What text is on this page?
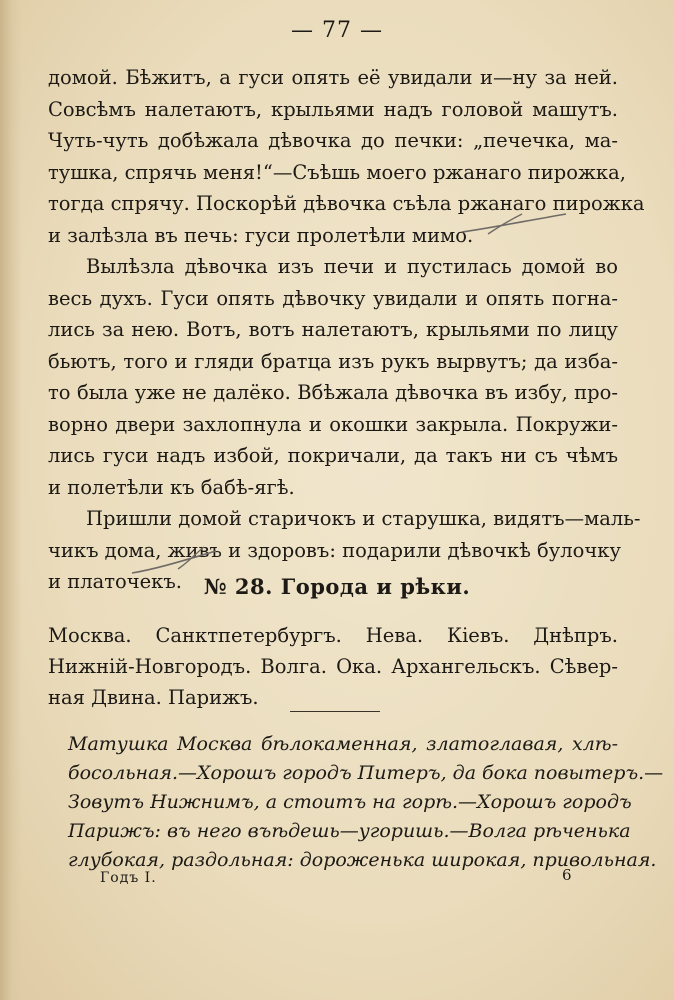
— 77 —

домой. Бѣжитъ, а гуси опять её увидали и—ну за ней.
Совсѣмъ налетаютъ, крыльями надъ головой машутъ.
Чуть-чуть добѣжала дѣвочка до печки: „печечка, ма-
тушка, спрячь меня!“—Съѣшь моего ржанаго пирожка,
тогда спрячу. Поскорѣй дѣвочка съѣла ржанаго пирожка
и залѣзла въ печь: гуси пролетѣли мимо.

Вылѣзла дѣвочка изъ печи и пустилась домой во
весь духъ. Гуси опять дѣвочку увидали и опять погна-
лись за нею. Вотъ, вотъ налетаютъ, крыльями по лицу
бьютъ, того и гляди братца изъ рукъ вырвутъ; да изба-
то была уже не далёко. Вбѣжала дѣвочка въ избу, про-
ворно двери захлопнула и окошки закрыла. Покружи-
лись гуси надъ избой, покричали, да такъ ни съ чѣмъ
и полетѣли къ бабѣ-ягѣ.

Пришли домой старичокъ и старушка, видятъ—маль-
чикъ дома, живъ и здоровъ: подарили дѣвочкѣ булочку
и платочекъ.	№ 28. Города и рѣки.
Москва. Санктпетербургъ. Нева. Кіевъ. Днѣпръ.
Нижній-Новгородъ. Волга. Ока. Архангельскъ. Сѣвер-
ная Двина. Парижъ.
Матушка Москва бѣлокаменная, златоглавая, хлѣ-
босольная.—Хорошъ городъ Питеръ, да бока повытеръ.—
Зовутъ Нижнимъ, а стоитъ на горѣ.—Хорошъ городъ
Парижъ: въ него въѣдешь—угоришь.—Волга рѣченька
глубокая, раздольная: дороженька широкая, привольная.
Годъ I.	6
